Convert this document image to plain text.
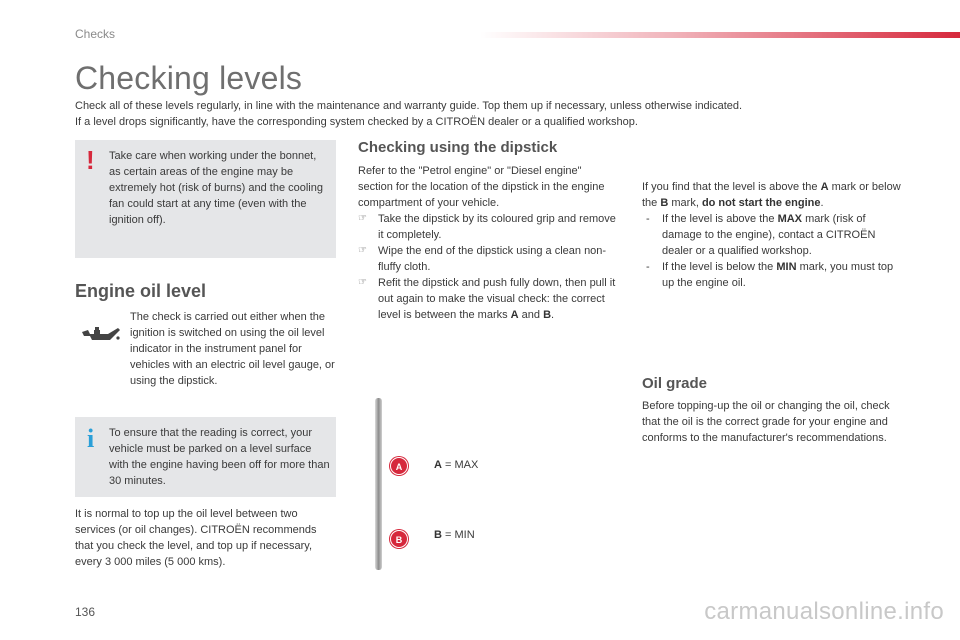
Checks
Checking levels
Check all of these levels regularly, in line with the maintenance and warranty guide. Top them up if necessary, unless otherwise indicated.
If a level drops significantly, have the corresponding system checked by a CITROËN dealer or a qualified workshop.
! Take care when working under the bonnet, as certain areas of the engine may be extremely hot (risk of burns) and the cooling fan could start at any time (even with the ignition off).
Engine oil level
The check is carried out either when the ignition is switched on using the oil level indicator in the instrument panel for vehicles with an electric oil level gauge, or using the dipstick.
i To ensure that the reading is correct, your vehicle must be parked on a level surface with the engine having been off for more than 30 minutes.
It is normal to top up the oil level between two services (or oil changes). CITROËN recommends that you check the level, and top up if necessary, every 3 000 miles (5 000 kms).
Checking using the dipstick
Refer to the "Petrol engine" or "Diesel engine" section for the location of the dipstick in the engine compartment of your vehicle.
☞ Take the dipstick by its coloured grip and remove it completely.
☞ Wipe the end of the dipstick using a clean non-fluffy cloth.
☞ Refit the dipstick and push fully down, then pull it out again to make the visual check: the correct level is between the marks A and B.
A
B
A = MAX
B = MIN
If you find that the level is above the A mark or below the B mark, do not start the engine.
- If the level is above the MAX mark (risk of damage to the engine), contact a CITROËN dealer or a qualified workshop.
- If the level is below the MIN mark, you must top up the engine oil.
Oil grade
Before topping-up the oil or changing the oil, check that the oil is the correct grade for your engine and conforms to the manufacturer's recommendations.
136	carmanualsonline.info
